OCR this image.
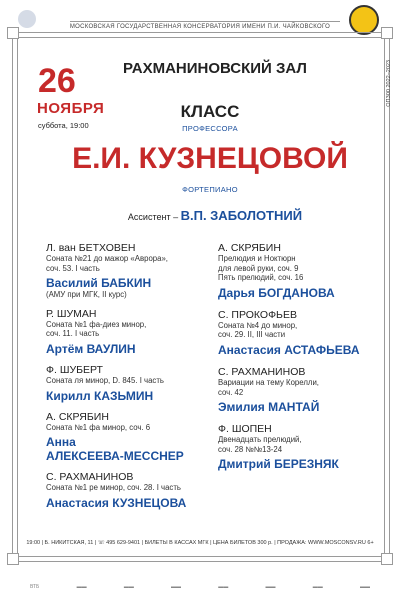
МОСКОВСКАЯ ГОСУДАРСТВЕННАЯ КОНСЕРВАТОРИЯ ИМЕНИ П.И. ЧАЙКОВСКОГО
ОПЗ00 2022–2023
26
НОЯБРЯ
суббота, 19:00
РАХМАНИНОВСКИЙ ЗАЛ
КЛАСС
ПРОФЕССОРА
Е.И. КУЗНЕЦОВОЙ
ФОРТЕПИАНО
Ассистент – В.П. ЗАБОЛОТНИЙ
Л. ван БЕТХОВЕН
Соната №21 до мажор «Аврора»,
соч. 53. I часть
Василий БАБКИН
(АМУ при МГК, II курс)
Р. ШУМАН
Соната №1 фа-диез минор,
соч. 11. I часть
Артём ВАУЛИН
Ф. ШУБЕРТ
Соната ля минор, D. 845. I часть
Кирилл КАЗЬМИН
А. СКРЯБИН
Соната №1 фа минор, соч. 6
Анна
АЛЕКСЕЕВА-МЕССНЕР
С. РАХМАНИНОВ
Соната №1 ре минор, соч. 28. I часть
Анастасия КУЗНЕЦОВА
А. СКРЯБИН
Прелюдия и Ноктюрн
для левой руки, соч. 9
Пять прелюдий, соч. 16
Дарья БОГДАНОВА
С. ПРОКОФЬЕВ
Соната №4 до минор,
соч. 29. II, III части
Анастасия АСТАФЬЕВА
С. РАХМАНИНОВ
Вариации на тему Корелли,
соч. 42
Эмилия МАНТАЙ
Ф. ШОПЕН
Двенадцать прелюдий,
соч. 28 №№13-24
Дмитрий БЕРЕЗНЯК
19:00 | Б. НИКИТСКАЯ, 11 | ☏ 495 629-9401 | БИЛЕТЫ В КАССАХ МГК | ЦЕНА БИЛЕТОВ 300 р. | ПРОДАЖА: WWW.MOSCONSV.RU 6+
ВТБ	▬▬	▬▬	▬▬	▬▬	▬▬	▬▬	▬▬
